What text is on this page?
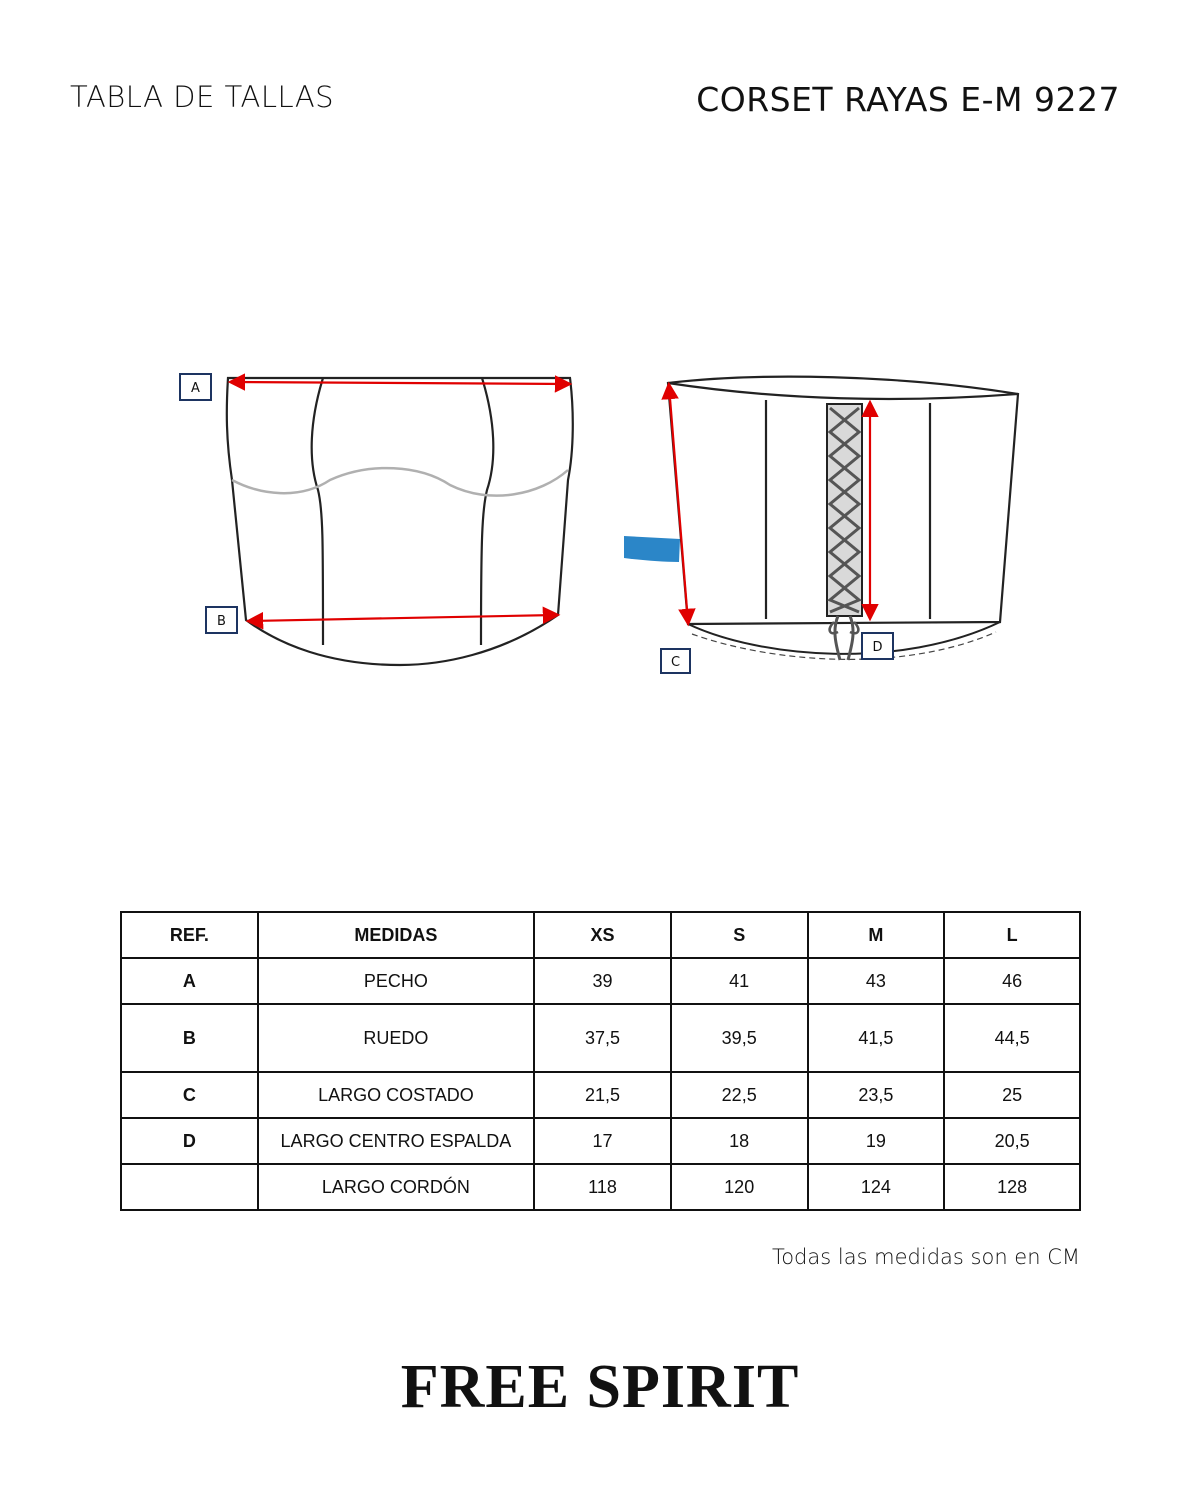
TABLA DE TALLAS	CORSET RAYAS E-M 9227
A
B
C
D
REF.	MEDIDAS	XS	S	M	L
A	PECHO	39	41	43	46
B	RUEDO	37,5	39,5	41,5	44,5
C	LARGO COSTADO	21,5	22,5	23,5	25
D	LARGO CENTRO ESPALDA	17	18	19	20,5
	LARGO CORDÓN	118	120	124	128
Todas las medidas son en CM
FREE SPIRIT
